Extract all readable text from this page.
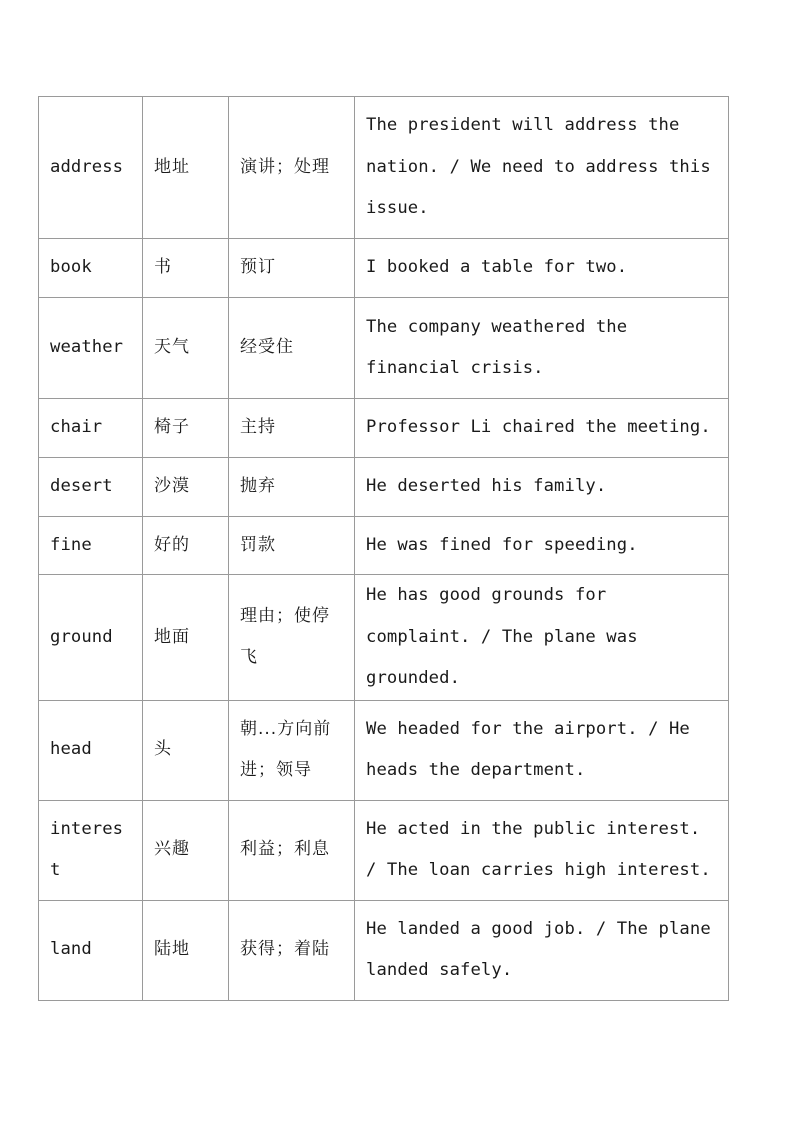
address	地址	演讲；处理	The president will address the nation. / We need to address this issue.
book	书	预订	I booked a table for two.
weather	天气	经受住	The company weathered the financial crisis.
chair	椅子	主持	Professor Li chaired the meeting.
desert	沙漠	抛弃	He deserted his family.
fine	好的	罚款	He was fined for speeding.
ground	地面	理由；使停飞	He has good grounds for complaint. / The plane was grounded.
head	头	朝...方向前进；领导	We headed for the airport. / He heads the department.
interest	兴趣	利益；利息	He acted in the public interest. / The loan carries high interest.
land	陆地	获得；着陆	He landed a good job. / The plane landed safely.
